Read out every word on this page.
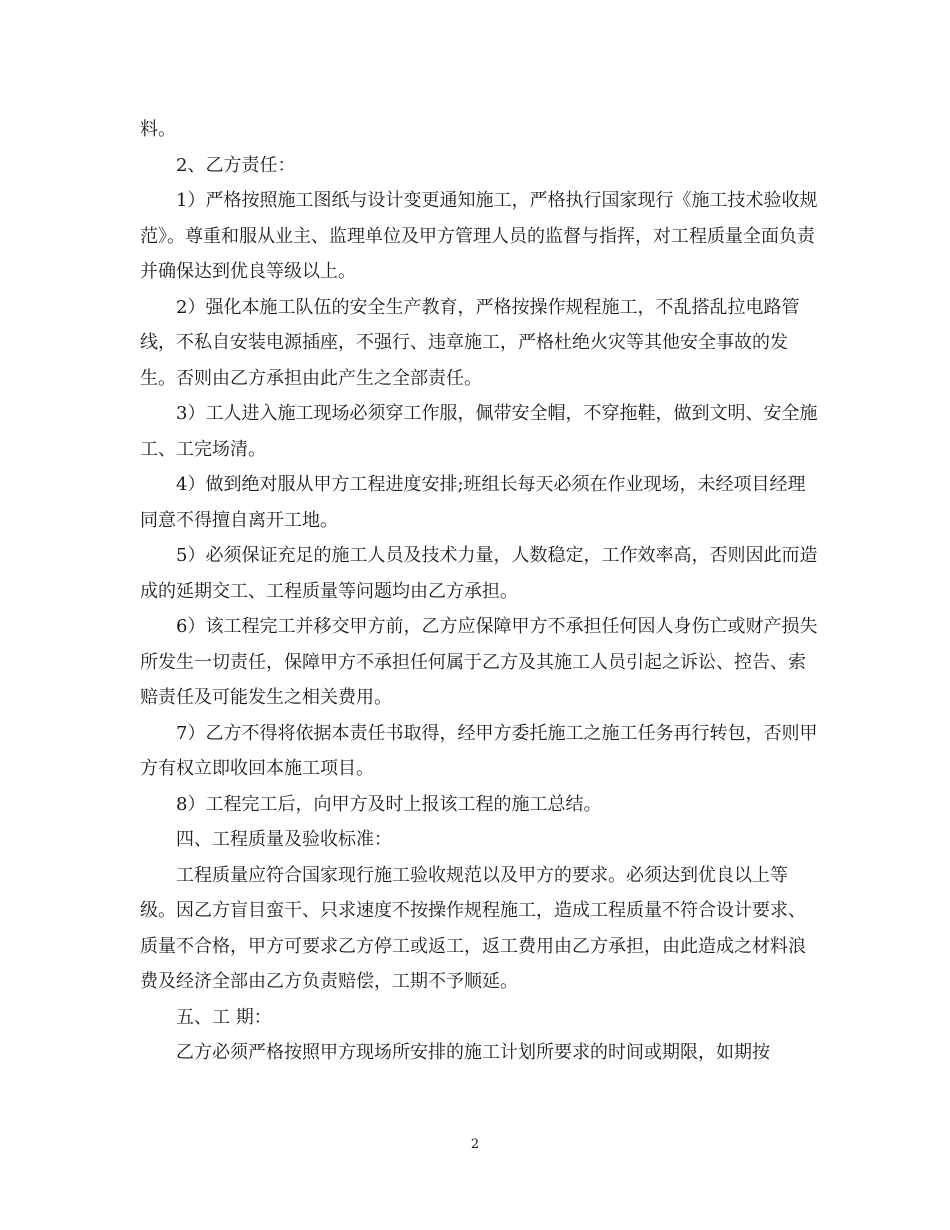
料。

2、乙方责任：

1）严格按照施工图纸与设计变更通知施工，严格执行国家现行《施工技术验收规范》。尊重和服从业主、监理单位及甲方管理人员的监督与指挥，对工程质量全面负责并确保达到优良等级以上。

2）强化本施工队伍的安全生产教育，严格按操作规程施工，不乱搭乱拉电路管线，不私自安装电源插座，不强行、违章施工，严格杜绝火灾等其他安全事故的发生。否则由乙方承担由此产生之全部责任。

3）工人进入施工现场必须穿工作服，佩带安全帽，不穿拖鞋，做到文明、安全施工、工完场清。

4）做到绝对服从甲方工程进度安排;班组长每天必须在作业现场，未经项目经理同意不得擅自离开工地。

5）必须保证充足的施工人员及技术力量，人数稳定，工作效率高，否则因此而造成的延期交工、工程质量等问题均由乙方承担。

6）该工程完工并移交甲方前，乙方应保障甲方不承担任何因人身伤亡或财产损失所发生一切责任，保障甲方不承担任何属于乙方及其施工人员引起之诉讼、控告、索赔责任及可能发生之相关费用。

7）乙方不得将依据本责任书取得，经甲方委托施工之施工任务再行转包，否则甲方有权立即收回本施工项目。

8）工程完工后，向甲方及时上报该工程的施工总结。

四、工程质量及验收标准：

工程质量应符合国家现行施工验收规范以及甲方的要求。必须达到优良以上等级。因乙方盲目蛮干、只求速度不按操作规程施工，造成工程质量不符合设计要求、质量不合格，甲方可要求乙方停工或返工，返工费用由乙方承担，由此造成之材料浪费及经济全部由乙方负责赔偿，工期不予顺延。

五、工 期：

乙方必须严格按照甲方现场所安排的施工计划所要求的时间或期限，如期按

2
